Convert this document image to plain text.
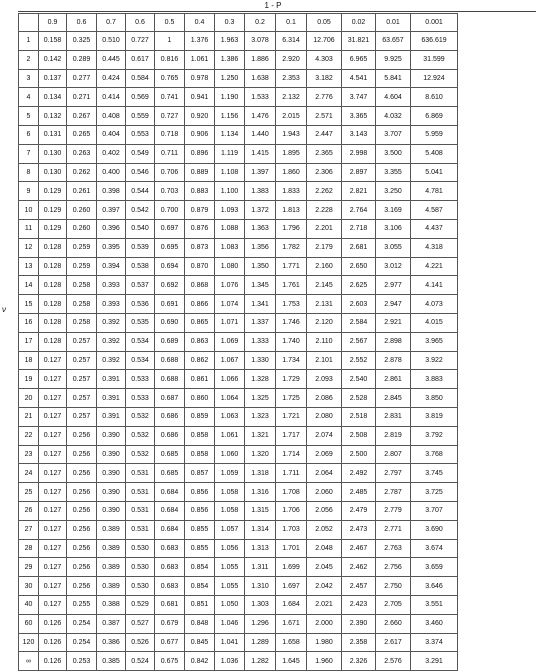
1 - P
ν
	0.9	0.6	0.7	0.6	0.5	0.4	0.3	0.2	0.1	0.05	0.02	0.01	0.001
1	0.158	0.325	0.510	0.727	1	1.376	1.963	3.078	6.314	12.706	31.821	63.657	636.619
2	0.142	0.289	0.445	0.617	0.816	1.061	1.386	1.886	2.920	4.303	6.965	9.925	31.599
3	0.137	0.277	0.424	0.584	0.765	0.978	1.250	1.638	2.353	3.182	4.541	5.841	12.924
4	0.134	0.271	0.414	0.569	0.741	0.941	1.190	1.533	2.132	2.776	3.747	4.604	8.610
5	0.132	0.267	0.408	0.559	0.727	0.920	1.156	1.476	2.015	2.571	3.365	4.032	6.869
6	0.131	0.265	0.404	0.553	0.718	0.906	1.134	1.440	1.943	2.447	3.143	3.707	5.959
7	0.130	0.263	0.402	0.549	0.711	0.896	1.119	1.415	1.895	2.365	2.998	3.500	5.408
8	0.130	0.262	0.400	0.546	0.706	0.889	1.108	1.397	1.860	2.306	2.897	3.355	5.041
9	0.129	0.261	0.398	0.544	0.703	0.883	1.100	1.383	1.833	2.262	2.821	3.250	4.781
10	0.129	0.260	0.397	0.542	0.700	0.879	1.093	1.372	1.813	2.228	2.764	3.169	4.587
11	0.129	0.260	0.396	0.540	0.697	0.876	1.088	1.363	1.796	2.201	2.718	3.106	4.437
12	0.128	0.259	0.395	0.539	0.695	0.873	1.083	1.356	1.782	2.179	2.681	3.055	4.318
13	0.128	0.259	0.394	0.538	0.694	0.870	1.080	1.350	1.771	2.160	2.650	3.012	4.221
14	0.128	0.258	0.393	0.537	0.692	0.868	1.076	1.345	1.761	2.145	2.625	2.977	4.141
15	0.128	0.258	0.393	0.536	0.691	0.866	1.074	1.341	1.753	2.131	2.603	2.947	4.073
16	0.128	0.258	0.392	0.535	0.690	0.865	1.071	1.337	1.746	2.120	2.584	2.921	4.015
17	0.128	0.257	0.392	0.534	0.689	0.863	1.069	1.333	1.740	2.110	2.567	2.898	3.965
18	0.127	0.257	0.392	0.534	0.688	0.862	1.067	1.330	1.734	2.101	2.552	2.878	3.922
19	0.127	0.257	0.391	0.533	0.688	0.861	1.066	1.328	1.729	2.093	2.540	2.861	3.883
20	0.127	0.257	0.391	0.533	0.687	0.860	1.064	1.325	1.725	2.086	2.528	2.845	3.850
21	0.127	0.257	0.391	0.532	0.686	0.859	1.063	1.323	1.721	2.080	2.518	2.831	3.819
22	0.127	0.256	0.390	0.532	0.686	0.858	1.061	1.321	1.717	2.074	2.508	2.819	3.792
23	0.127	0.256	0.390	0.532	0.685	0.858	1.060	1.320	1.714	2.069	2.500	2.807	3.768
24	0.127	0.256	0.390	0.531	0.685	0.857	1.059	1.318	1.711	2.064	2.492	2.797	3.745
25	0.127	0.256	0.390	0.531	0.684	0.856	1.058	1.316	1.708	2.060	2.485	2.787	3.725
26	0.127	0.256	0.390	0.531	0.684	0.856	1.058	1.315	1.706	2.056	2.479	2.779	3.707
27	0.127	0.256	0.389	0.531	0.684	0.855	1.057	1.314	1.703	2.052	2.473	2.771	3.690
28	0.127	0.256	0.389	0.530	0.683	0.855	1.056	1.313	1.701	2.048	2.467	2.763	3.674
29	0.127	0.256	0.389	0.530	0.683	0.854	1.055	1.311	1.699	2.045	2.462	2.756	3.659
30	0.127	0.256	0.389	0.530	0.683	0.854	1.055	1.310	1.697	2.042	2.457	2.750	3.646
40	0.127	0.255	0.388	0.529	0.681	0.851	1.050	1.303	1.684	2.021	2.423	2.705	3.551
60	0.126	0.254	0.387	0.527	0.679	0.848	1.046	1.296	1.671	2.000	2.390	2.660	3.460
120	0.126	0.254	0.386	0.526	0.677	0.845	1.041	1.289	1.658	1.980	2.358	2.617	3.374
∞	0.126	0.253	0.385	0.524	0.675	0.842	1.036	1.282	1.645	1.960	2.326	2.576	3.291
